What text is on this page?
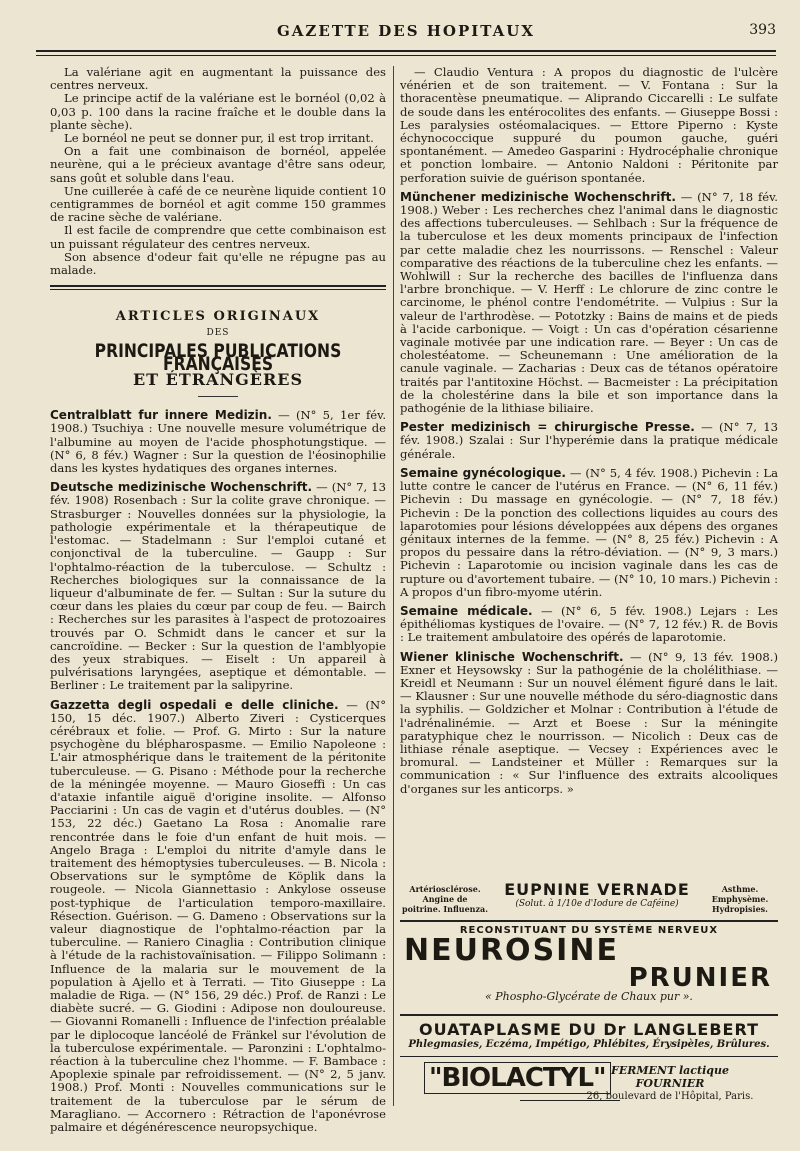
GAZETTE DES HOPITAUX	393

La valériane agit en augmentant la puissance des centres nerveux.

Le principe actif de la valériane est le bornéol (0,02 à 0,03 p. 100 dans la racine fraîche et le double dans la plante sèche).

Le bornéol ne peut se donner pur, il est trop irritant.

On a fait une combinaison de bornéol, appelée neurène, qui a le précieux avantage d'être sans odeur, sans goût et soluble dans l'eau.

Une cuillerée à café de ce neurène liquide contient 10 centigrammes de bornéol et agit comme 150 grammes de racine sèche de valériane.

Il est facile de comprendre que cette combinaison est un puissant régulateur des centres nerveux.

Son absence d'odeur fait qu'elle ne répugne pas au malade.

ARTICLES ORIGINAUX
DES
PRINCIPALES PUBLICATIONS FRANÇAISES
ET ÉTRANGÈRES

Centralblatt fur innere Medizin. — (N° 5, 1er fév. 1908.) Tsuchiya : Une nouvelle mesure volumétrique de l'albumine au moyen de l'acide phosphotungstique. — (N° 6, 8 fév.) Wagner : Sur la question de l'éosinophilie dans les kystes hydatiques des organes internes.

Deutsche medizinische Wochenschrift. — (N° 7, 13 fév. 1908) Rosenbach : Sur la colite grave chronique. — Strasburger : Nouvelles données sur la physiologie, la pathologie expérimentale et la thérapeutique de l'estomac. — Stadelmann : Sur l'emploi cutané et conjonctival de la tuberculine. — Gaupp : Sur l'ophtalmo-réaction de la tuberculose. — Schultz : Recherches biologiques sur la connaissance de la liqueur d'albuminate de fer. — Sultan : Sur la suture du cœur dans les plaies du cœur par coup de feu. — Bairch : Recherches sur les parasites à l'aspect de protozoaires trouvés par O. Schmidt dans le cancer et sur la cancroïdine. — Becker : Sur la question de l'amblyopie des yeux strabiques. — Eiselt : Un appareil à pulvérisations laryngées, aseptique et démontable. — Berliner : Le traitement par la salipyrine.

Gazzetta degli ospedali e delle cliniche. — (N° 150, 15 déc. 1907.) Alberto Ziveri : Cysticerques cérébraux et folie. — Prof. G. Mirto : Sur la nature psychogène du blépharospasme. — Emilio Napoleone : L'air atmosphérique dans le traitement de la péritonite tuberculeuse. — G. Pisano : Méthode pour la recherche de la méningée moyenne. — Mauro Gioseffi : Un cas d'ataxie infantile aiguë d'origine insolite. — Alfonso Pacciarini : Un cas de vagin et d'utérus doubles. — (N° 153, 22 déc.) Gaetano La Rosa : Anomalie rare rencontrée dans le foie d'un enfant de huit mois. — Angelo Braga : L'emploi du nitrite d'amyle dans le traitement des hémoptysies tuberculeuses. — B. Nicola : Observations sur le symptôme de Köplik dans la rougeole. — Nicola Giannettasio : Ankylose osseuse post-typhique de l'articulation temporo-maxillaire. Résection. Guérison. — G. Dameno : Observations sur la valeur diagnostique de l'ophtalmo-réaction par la tuberculine. — Raniero Cinaglia : Contribution clinique à l'étude de la rachistovaïnisation. — Filippo Solimann : Influence de la malaria sur le mouvement de la population à Ajello et à Terrati. — Tito Giuseppe : La maladie de Riga. — (N° 156, 29 déc.) Prof. de Ranzi : Le diabète sucré. — G. Giodini : Adipose non douloureuse. — Giovanni Romanelli : Influence de l'infection préalable par le diplocoque lancéolé de Fränkel sur l'évolution de la tuberculose expérimentale. — Paronzini : L'ophtalmo-réaction à la tuberculine chez l'homme. — F. Bambace : Apoplexie spinale par refroidissement. — (N° 2, 5 janv. 1908.) Prof. Monti : Nouvelles communications sur le traitement de la tuberculose par le sérum de Maragliano. — Accornero : Rétraction de l'aponévrose palmaire et dégénérescence neuropsychique.

— Claudio Ventura : A propos du diagnostic de l'ulcère vénérien et de son traitement. — V. Fontana : Sur la thoracentèse pneumatique. — Aliprando Ciccarelli : Le sulfate de soude dans les entérocolites des enfants. — Giuseppe Bossi : Les paralysies ostéomalaciques. — Ettore Piperno : Kyste échynococcique suppuré du poumon gauche, guéri spontanément. — Amedeo Gasparini : Hydrocéphalie chronique et ponction lombaire. — Antonio Naldoni : Péritonite par perforation suivie de guérison spontanée.

Münchener medizinische Wochenschrift. — (N° 7, 18 fév. 1908.) Weber : Les recherches chez l'animal dans le diagnostic des affections tuberculeuses. — Sehlbach : Sur la fréquence de la tuberculose et les deux moments principaux de l'infection par cette maladie chez les nourrissons. — Renschel : Valeur comparative des réactions de la tuberculine chez les enfants. — Wohlwill : Sur la recherche des bacilles de l'influenza dans l'arbre bronchique. — V. Herff : Le chlorure de zinc contre le carcinome, le phénol contre l'endométrite. — Vulpius : Sur la valeur de l'arthrodèse. — Pototzky : Bains de mains et de pieds à l'acide carbonique. — Voigt : Un cas d'opération césarienne vaginale motivée par une indication rare. — Beyer : Un cas de cholestéatome. — Scheunemann : Une amélioration de la canule vaginale. — Zacharias : Deux cas de tétanos opératoire traités par l'antitoxine Höchst. — Bacmeister : La précipitation de la cholestérine dans la bile et son importance dans la pathogénie de la lithiase biliaire.

Pester medizinisch = chirurgische Presse. — (N° 7, 13 fév. 1908.) Szalai : Sur l'hyperémie dans la pratique médicale générale.

Semaine gynécologique. — (N° 5, 4 fév. 1908.) Pichevin : La lutte contre le cancer de l'utérus en France. — (N° 6, 11 fév.) Pichevin : Du massage en gynécologie. — (N° 7, 18 fév.) Pichevin : De la ponction des collections liquides au cours des laparotomies pour lésions développées aux dépens des organes génitaux internes de la femme. — (N° 8, 25 fév.) Pichevin : A propos du pessaire dans la rétro-déviation. — (N° 9, 3 mars.) Pichevin : Laparotomie ou incision vaginale dans les cas de rupture ou d'avortement tubaire. — (N° 10, 10 mars.) Pichevin : A propos d'un fibro-myome utérin.

Semaine médicale. — (N° 6, 5 fév. 1908.) Lejars : Les épithéliomas kystiques de l'ovaire. — (N° 7, 12 fév.) R. de Bovis : Le traitement ambulatoire des opérés de laparotomie.

Wiener klinische Wochenschrift. — (N° 9, 13 fév. 1908.) Exner et Heysowsky : Sur la pathogénie de la cholélithiase. — Kreidl et Neumann : Sur un nouvel élément figuré dans le lait. — Klausner : Sur une nouvelle méthode du séro-diagnostic dans la syphilis. — Goldzicher et Molnar : Contribution à l'étude de l'adrénalinémie. — Arzt et Boese : Sur la méningite paratyphique chez le nourrisson. — Nicolich : Deux cas de lithiase rénale aseptique. — Vecsey : Expériences avec le bromural. — Landsteiner et Müller : Remarques sur la communication : « Sur l'influence des extraits alcooliques d'organes sur les anticorps. »

Artériosclérose. Angine de poitrine. Influenza.
EUPNINE VERNADE
(Solut. à 1/10e d'Iodure de Caféine)
Asthme. Emphysème. Hydropisies.
RECONSTITUANT DU SYSTÈME NERVEUX
NEUROSINE
PRUNIER
« Phospho-Glycérate de Chaux pur ».
OUATAPLASME DU Dr LANGLEBERT
Phlegmasies, Eczéma, Impétigo, Phlébites, Érysipèles, Brûlures.
"BIOLACTYL" FERMENT lactique FOURNIER
26, boulevard de l'Hôpital, Paris.
